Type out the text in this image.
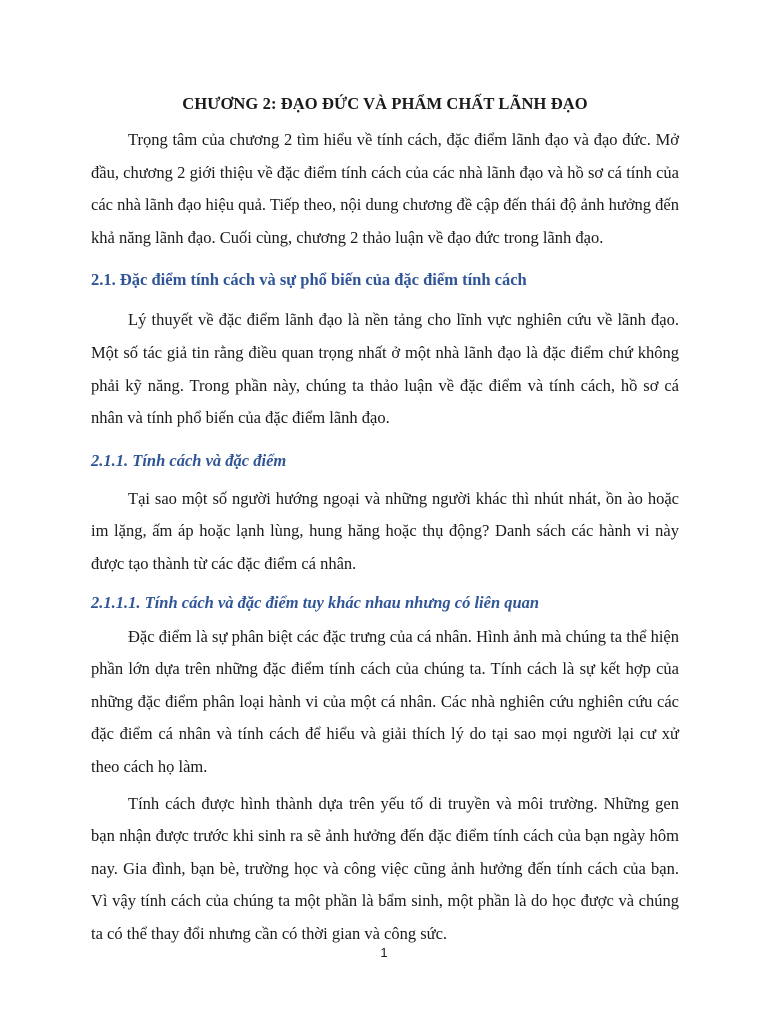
CHƯƠNG 2: ĐẠO ĐỨC VÀ PHẨM CHẤT LÃNH ĐẠO

Trọng tâm của chương 2 tìm hiểu về tính cách, đặc điểm lãnh đạo và đạo đức. Mở đầu, chương 2 giới thiệu về đặc điểm tính cách của các nhà lãnh đạo và hồ sơ cá tính của các nhà lãnh đạo hiệu quả. Tiếp theo, nội dung chương đề cập đến thái độ ảnh hưởng đến khả năng lãnh đạo. Cuối cùng, chương 2 thảo luận về đạo đức trong lãnh đạo.

2.1. Đặc điểm tính cách và sự phổ biến của đặc điểm tính cách

Lý thuyết về đặc điểm lãnh đạo là nền tảng cho lĩnh vực nghiên cứu về lãnh đạo. Một số tác giả tin rằng điều quan trọng nhất ở một nhà lãnh đạo là đặc điểm chứ không phải kỹ năng. Trong phần này, chúng ta thảo luận về đặc điểm và tính cách, hồ sơ cá nhân và tính phổ biến của đặc điểm lãnh đạo.

2.1.1. Tính cách và đặc điểm

Tại sao một số người hướng ngoại và những người khác thì nhút nhát, ồn ào hoặc im lặng, ấm áp hoặc lạnh lùng, hung hăng hoặc thụ động? Danh sách các hành vi này được tạo thành từ các đặc điểm cá nhân.

2.1.1.1. Tính cách và đặc điểm tuy khác nhau nhưng có liên quan

Đặc điểm là sự phân biệt các đặc trưng của cá nhân. Hình ảnh mà chúng ta thể hiện phần lớn dựa trên những đặc điểm tính cách của chúng ta. Tính cách là sự kết hợp của những đặc điểm phân loại hành vi của một cá nhân. Các nhà nghiên cứu nghiên cứu các đặc điểm cá nhân và tính cách để hiểu và giải thích lý do tại sao mọi người lại cư xử theo cách họ làm.

Tính cách được hình thành dựa trên yếu tố di truyền và môi trường. Những gen bạn nhận được trước khi sinh ra sẽ ảnh hưởng đến đặc điểm tính cách của bạn ngày hôm nay. Gia đình, bạn bè, trường học và công việc cũng ảnh hưởng đến tính cách của bạn. Vì vậy tính cách của chúng ta một phần là bẩm sinh, một phần là do học được và chúng ta có thể thay đổi nhưng cần có thời gian và công sức.

1
